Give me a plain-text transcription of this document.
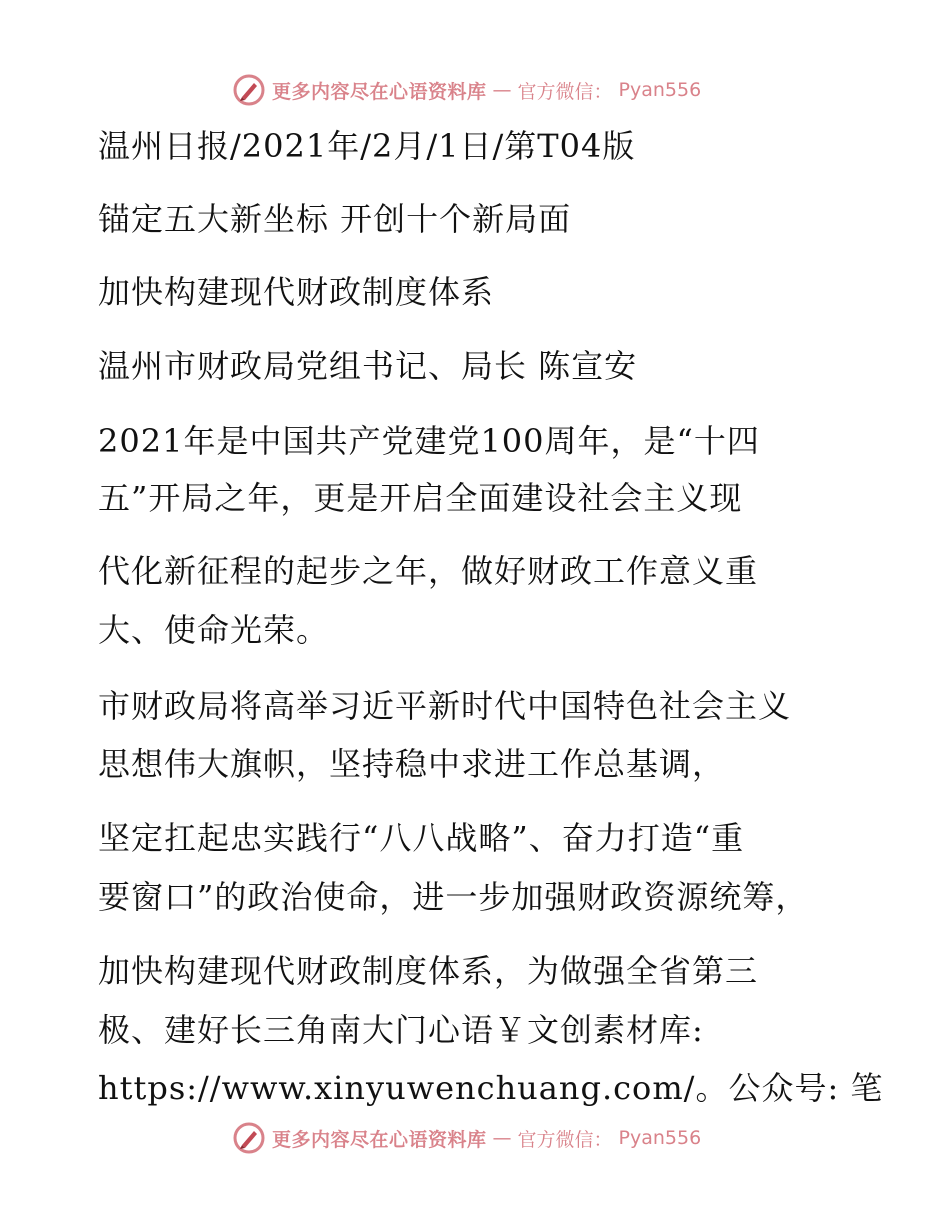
更多内容尽在心语资料库 — 官方微信： Pyan556
温州日报/2021年/2月/1日/第T04版
锚定五大新坐标 开创十个新局面
加快构建现代财政制度体系
温州市财政局党组书记、局长 陈宣安
2021年是中国共产党建党100周年，是“十四
五”开局之年，更是开启全面建设社会主义现
代化新征程的起步之年，做好财政工作意义重
大、使命光荣。
市财政局将高举习近平新时代中国特色社会主义
思想伟大旗帜，坚持稳中求进工作总基调，
坚定扛起忠实践行“八八战略”、奋力打造“重
要窗口”的政治使命，进一步加强财政资源统筹，
加快构建现代财政制度体系，为做强全省第三
极、建好长三角南大门心语￥文创素材库:
https://www.xinyuwenchuang.com/。公众号: 笔
更多内容尽在心语资料库 — 官方微信： Pyan556
